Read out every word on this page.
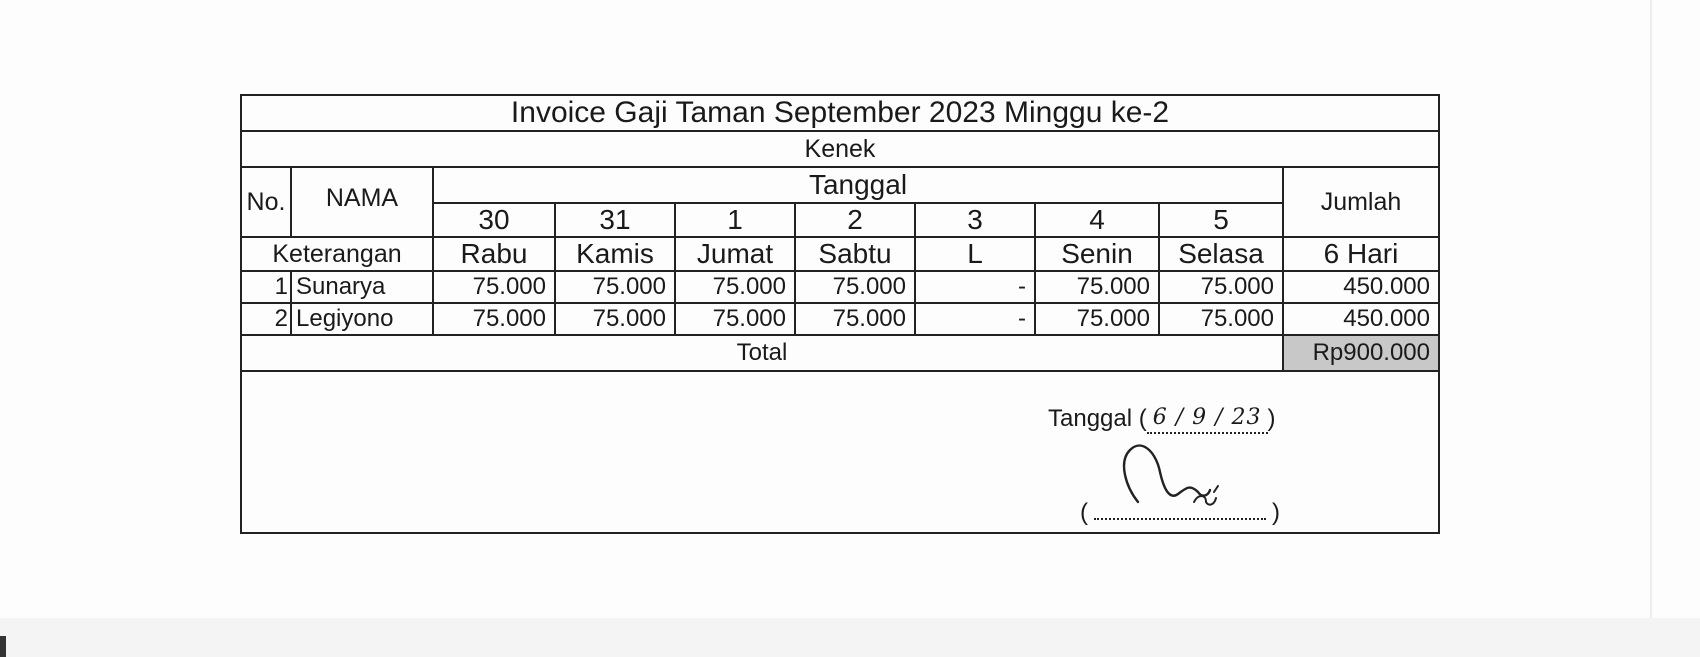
Invoice Gaji Taman September 2023 Minggu ke-2
Kenek
No.	NAMA	Tanggal
Jumlah
30	31	1	2	3	4	5
Keterangan	Rabu	Kamis	Jumat	Sabtu	L	Senin	Selasa	6 Hari
1 Sunarya	75.000	75.000	75.000	75.000	-	75.000	75.000	450.000
2 Legiyono	75.000	75.000	75.000	75.000	-	75.000	75.000	450.000
Total	Rp900.000
Tanggal ( 6 / 9 / 23 )
(	)
